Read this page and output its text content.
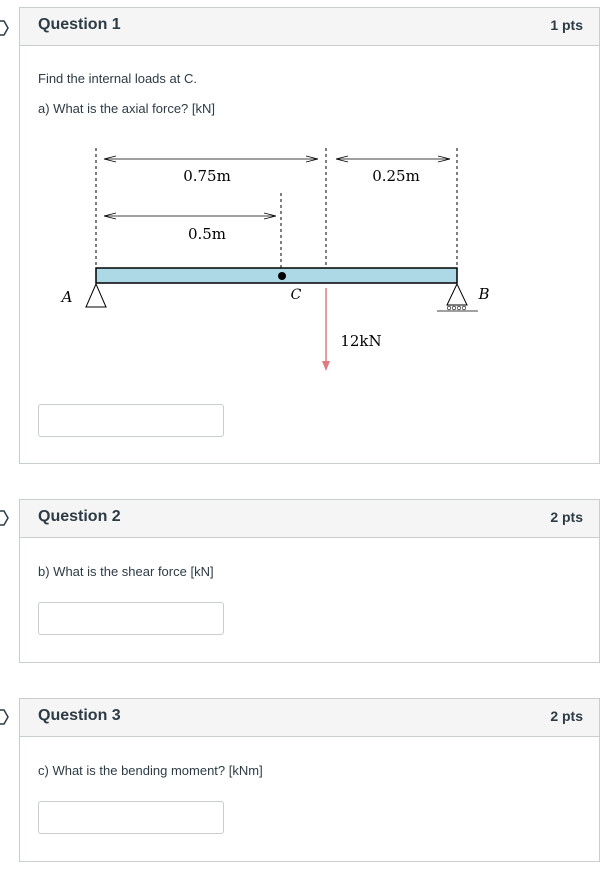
Question 1	1 pts
Find the internal loads at C.
a) What is the axial force? [kN]
0.75m	0.25m
0.5m
A	B
C
12kN
Question 2	2 pts
b) What is the shear force [kN]
Question 3	2 pts
c) What is the bending moment? [kNm]
